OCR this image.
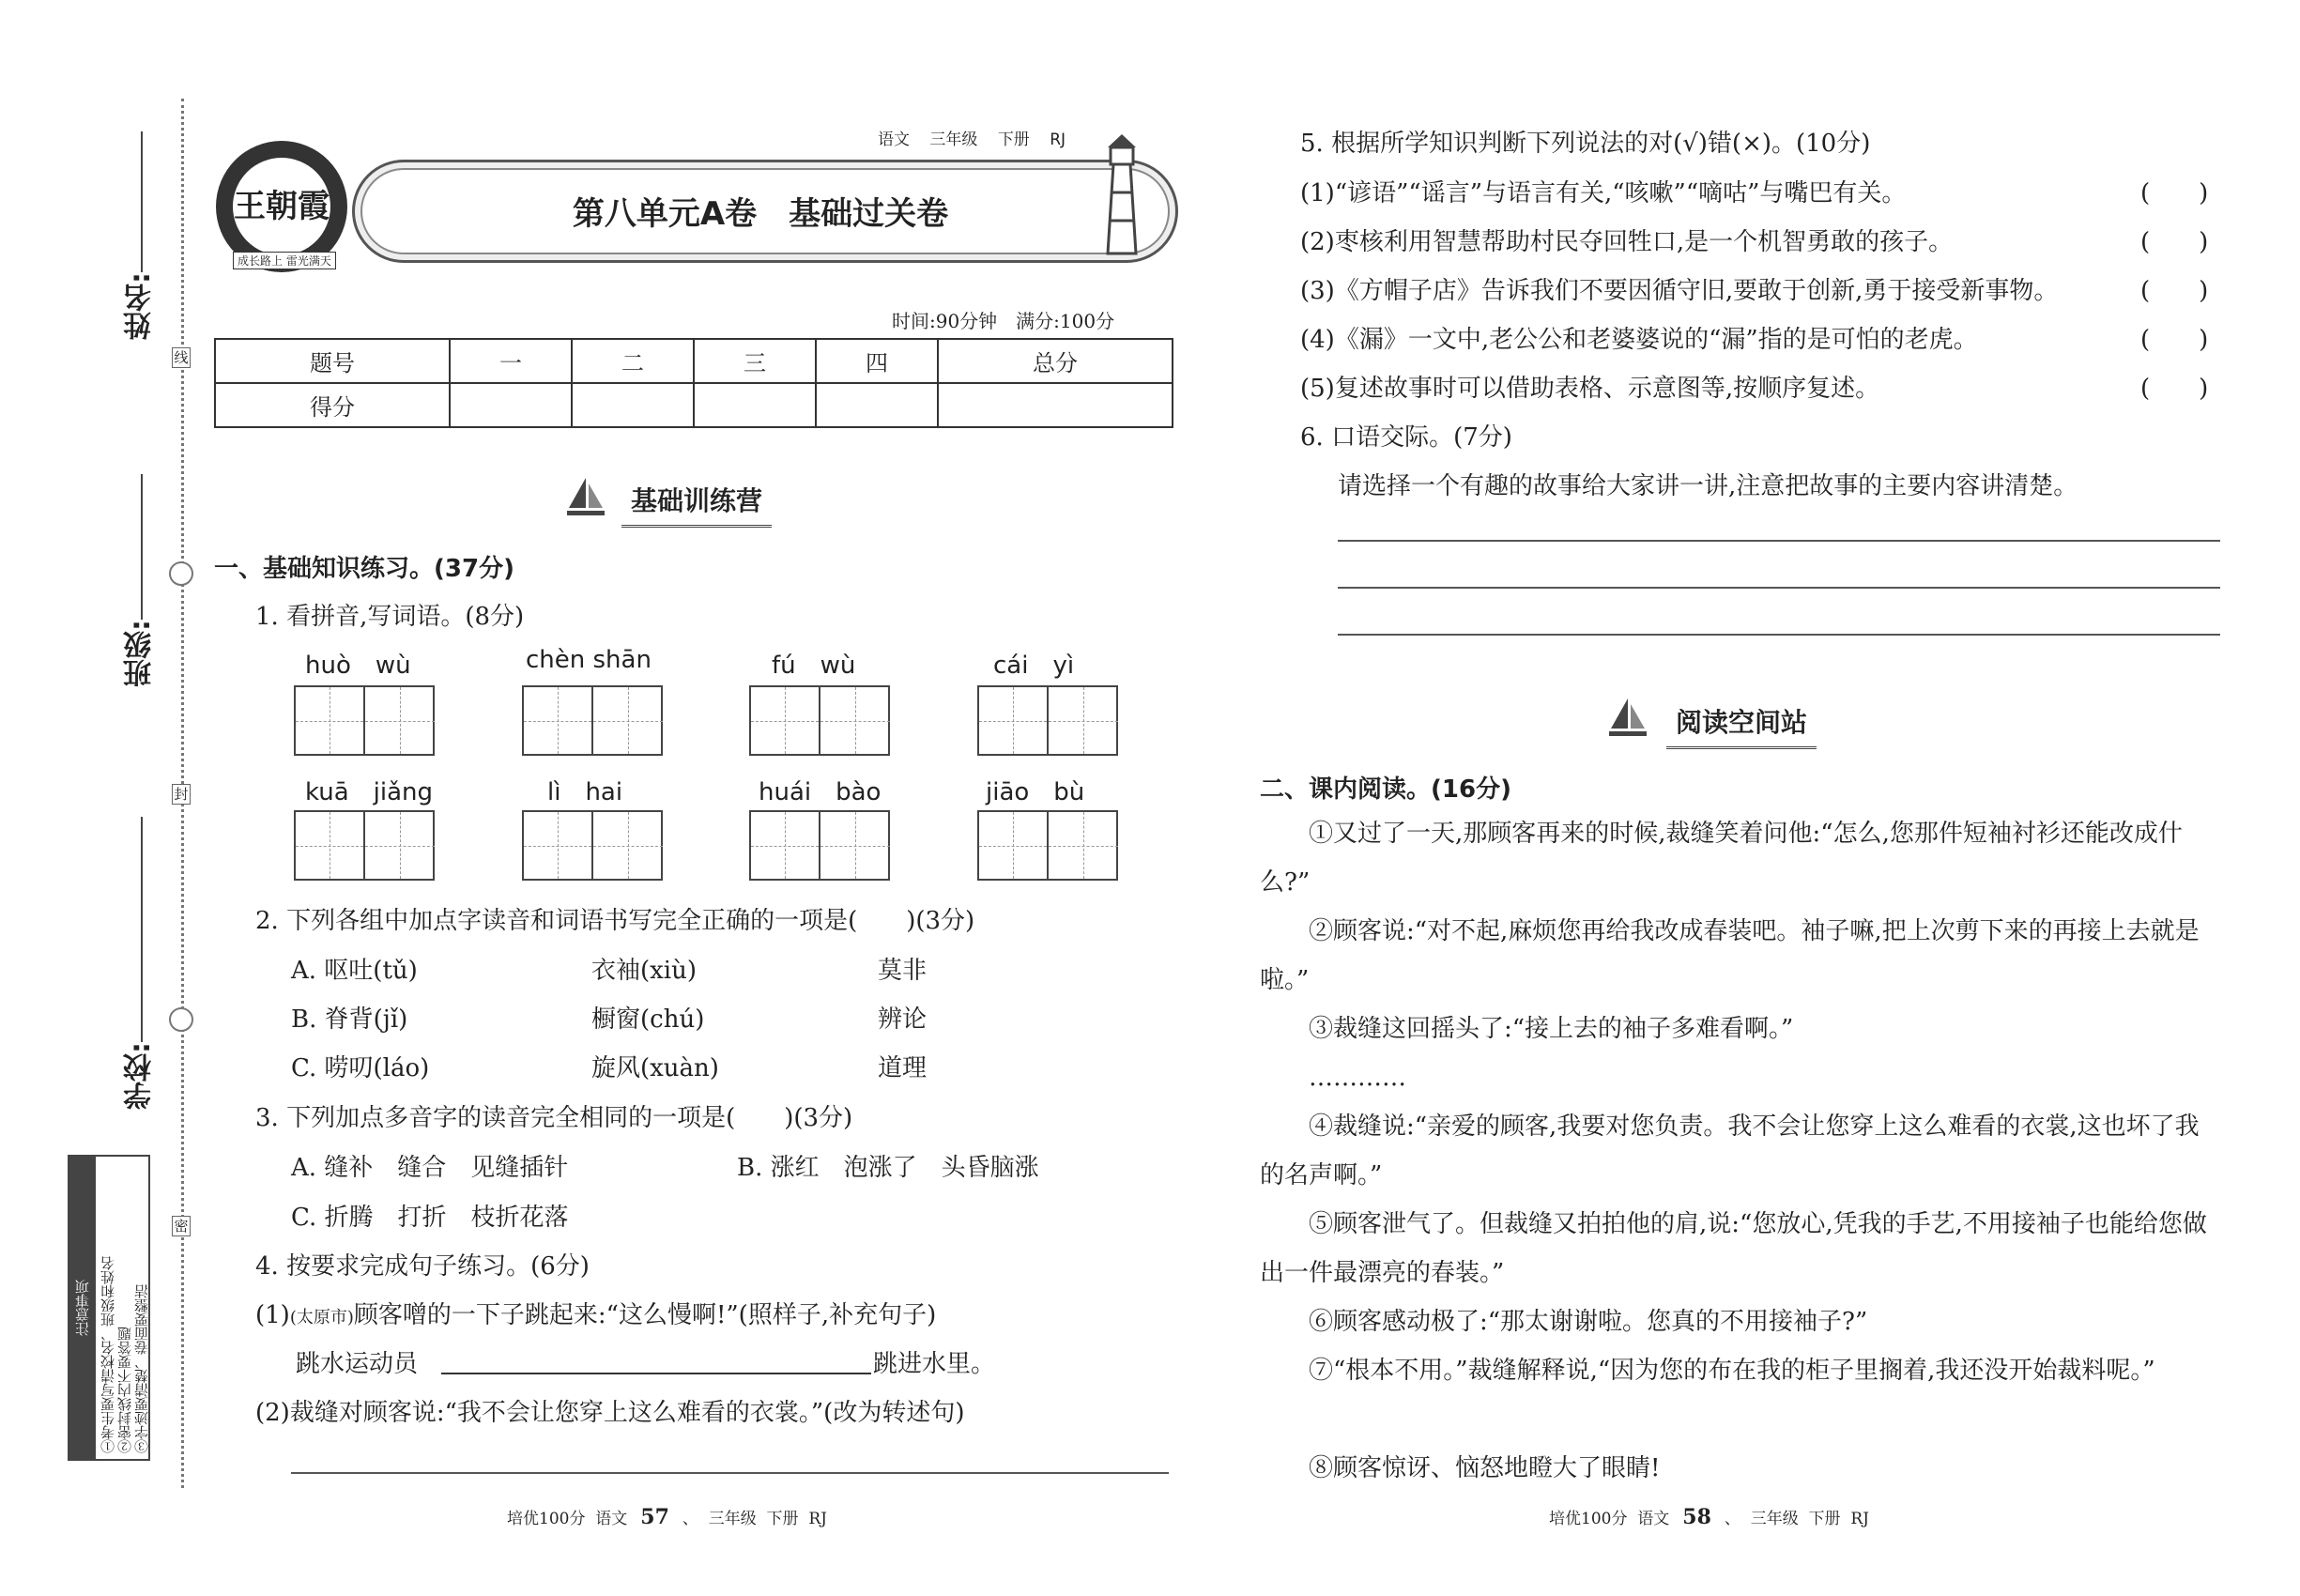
姓名:
班级:
学校:
线
封
密
注意事项 ①考生要写清校名、班级和姓名 ②密封线内不要答题 ③字迹要清楚、卷面要整洁
王朝霞
成长路上 雷光满天
语文 三年级 下册 RJ
第八单元A卷　基础过关卷
时间:90分钟　满分:100分
题号	一	二	三	四	总分
得分					
基础训练营
一、基础知识练习。(37分)
1. 看拼音,写词语。(8分)
huò　wù	chèn shān	fú　wù	cái　yì
kuā　jiǎng	lì　hai	huái　bào	jiāo　bù
2. 下列各组中加点字读音和词语书写完全正确的一项是(　　)(3分)
A. 呕吐(tǔ)	衣袖(xiù)	莫非
B. 脊背(jǐ)	橱窗(chú)	辨论
C. 唠叨(láo)	旋风(xuàn)	道理
3. 下列加点多音字的读音完全相同的一项是(　　)(3分)
A. 缝补　缝合　见缝插针	B. 涨红　泡涨了　头昏脑涨
C. 折腾　打折　枝折花落
4. 按要求完成句子练习。(6分)
(1)(太原市)顾客噌的一下子跳起来:“这么慢啊!”(照样子,补充句子)
跳水运动员	跳进水里。
(2)裁缝对顾客说:“我不会让您穿上这么难看的衣裳。”(改为转述句)
培优100分 语文 57 、  三年级 下册 RJ
5. 根据所学知识判断下列说法的对(√)错(×)。(10分)
(1)“谚语”“谣言”与语言有关,“咳嗽”“嘀咕”与嘴巴有关。	(　　)
(2)枣核利用智慧帮助村民夺回牲口,是一个机智勇敢的孩子。	(　　)
(3)《方帽子店》告诉我们不要因循守旧,要敢于创新,勇于接受新事物。	(　　)
(4)《漏》一文中,老公公和老婆婆说的“漏”指的是可怕的老虎。	(　　)
(5)复述故事时可以借助表格、示意图等,按顺序复述。	(　　)
6. 口语交际。(7分)
请选择一个有趣的故事给大家讲一讲,注意把故事的主要内容讲清楚。
阅读空间站
二、课内阅读。(16分)
①又过了一天,那顾客再来的时候,裁缝笑着问他:“怎么,您那件短袖衬衫还能改成什么?”
②顾客说:“对不起,麻烦您再给我改成春装吧。袖子嘛,把上次剪下来的再接上去就是啦。”
③裁缝这回摇头了:“接上去的袖子多难看啊。”
…………
④裁缝说:“亲爱的顾客,我要对您负责。我不会让您穿上这么难看的衣裳,这也坏了我的名声啊。”
⑤顾客泄气了。但裁缝又拍拍他的肩,说:“您放心,凭我的手艺,不用接袖子也能给您做出一件最漂亮的春装。”
⑥顾客感动极了:“那太谢谢啦。您真的不用接袖子?”
⑦“根本不用。”裁缝解释说,“因为您的布在我的柜子里搁着,我还没开始裁料呢。”
⑧顾客惊讶、恼怒地瞪大了眼睛!
培优100分 语文 58 、  三年级 下册 RJ
